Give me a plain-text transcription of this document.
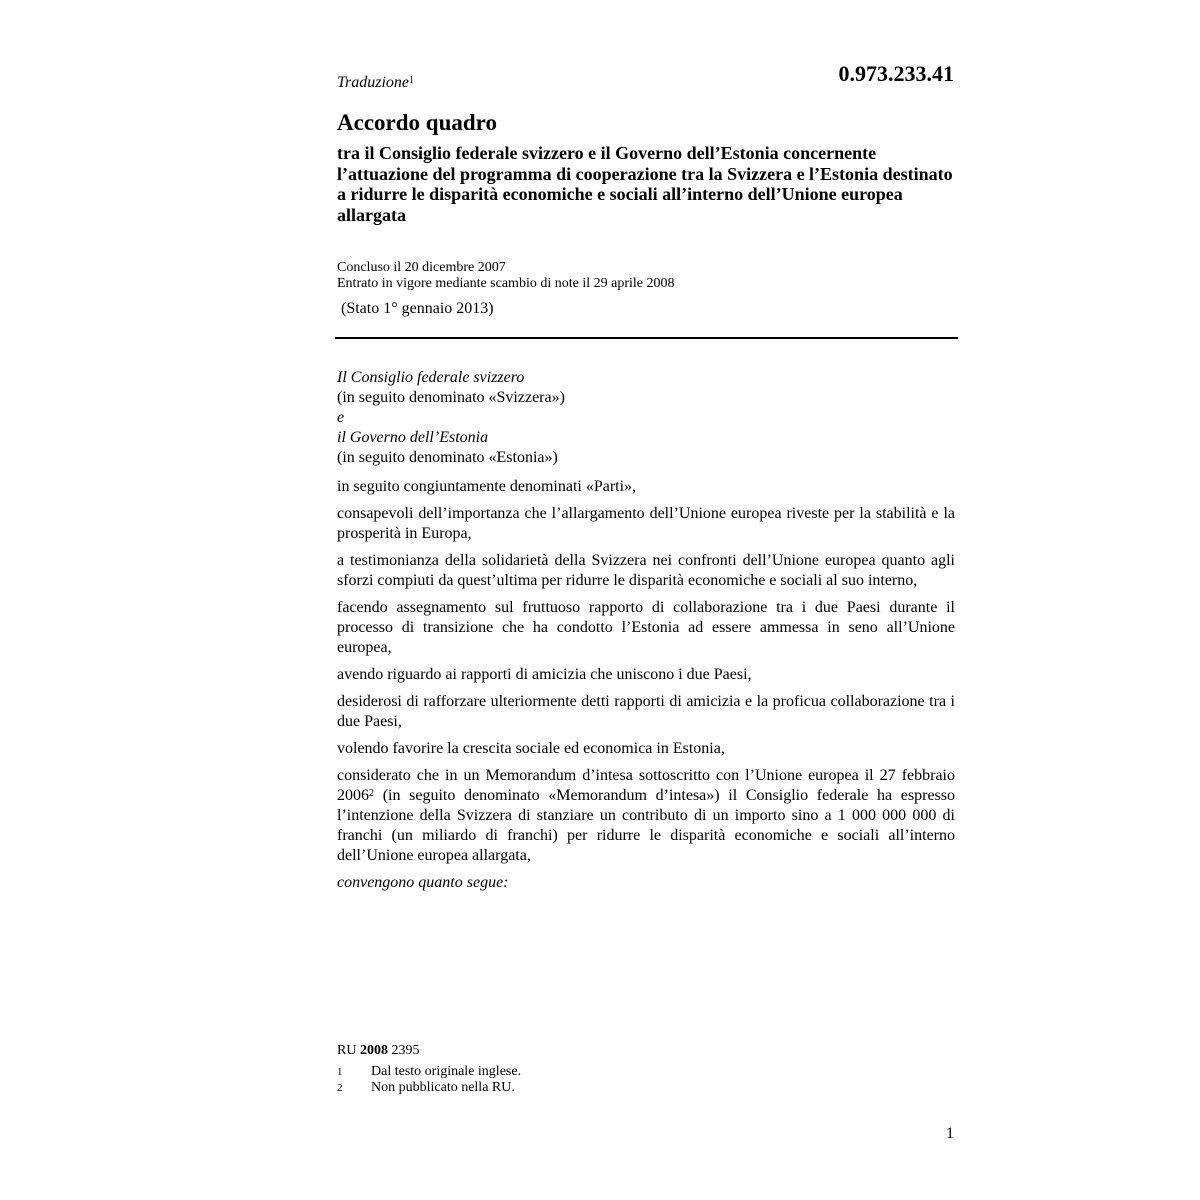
0.973.233.41
Traduzione$^1$
Accordo quadro
tra il Consiglio federale svizzero e il Governo dell’Estonia concernente l’attuazione del programma di cooperazione tra la Svizzera e l’Estonia destinato a ridurre le disparità economiche e sociali all’interno dell’Unione europea allargata
Concluso il 20 dicembre 2007
Entrato in vigore mediante scambio di note il 29 aprile 2008
(Stato 1° gennaio 2013)

Il Consiglio federale svizzero

(in seguito denominato «Svizzera»)

e

il Governo dell’Estonia

(in seguito denominato «Estonia»)

in seguito congiuntamente denominati «Parti»,

consapevoli dell’importanza che l’allargamento dell’Unione europea riveste per la stabilità e la prosperità in Europa,

a testimonianza della solidarietà della Svizzera nei confronti dell’Unione europea quanto agli sforzi compiuti da quest’ultima per ridurre le disparità economiche e sociali al suo interno,

facendo assegnamento sul fruttuoso rapporto di collaborazione tra i due Paesi durante il processo di transizione che ha condotto l’Estonia ad essere ammessa in seno all’Unione europea,

avendo riguardo ai rapporti di amicizia che uniscono i due Paesi,

desiderosi di rafforzare ulteriormente detti rapporti di amicizia e la proficua collaborazione tra i due Paesi,

volendo favorire la crescita sociale ed economica in Estonia,

considerato che in un Memorandum d’intesa sottoscritto con l’Unione europea il 27 febbraio 2006$^2$ (in seguito denominato «Memorandum d’intesa») il Consiglio federale ha espresso l’intenzione della Svizzera di stanziare un contributo di un importo sino a 1 000 000 000 di franchi (un miliardo di franchi) per ridurre le disparità economiche e sociali all’interno dell’Unione europea allargata,

convengono quanto segue:

RU 2008 2395
1	Dal testo originale inglese.
2	Non pubblicato nella RU.
1
